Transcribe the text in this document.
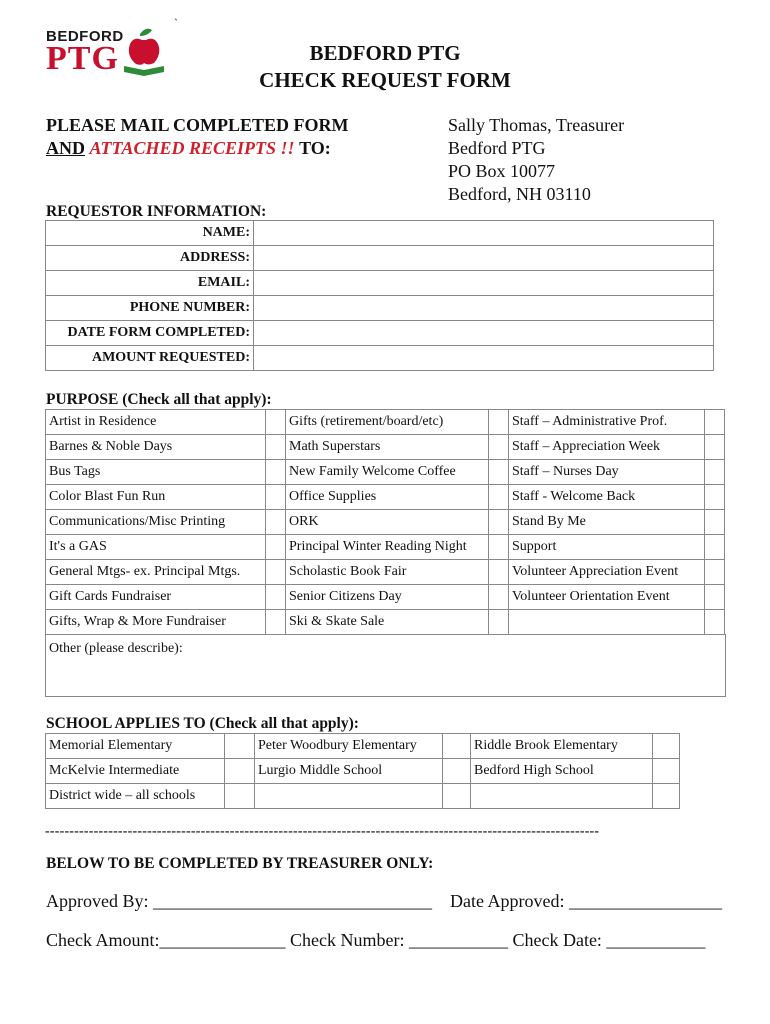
BEDFORD
PTG
`
BEDFORD PTG
CHECK REQUEST FORM
PLEASE MAIL COMPLETED FORM
AND ATTACHED RECEIPTS !! TO:
Sally Thomas, Treasurer
Bedford PTG
PO Box 10077
Bedford, NH 03110
REQUESTOR INFORMATION:
NAME:	
ADDRESS:	
EMAIL:	
PHONE NUMBER:	
DATE FORM COMPLETED:	
AMOUNT REQUESTED:	
PURPOSE (Check all that apply):
Artist in Residence		Gifts (retirement/board/etc)		Staff – Administrative Prof.	
Barnes & Noble Days		Math Superstars		Staff – Appreciation Week	
Bus Tags		New Family Welcome Coffee		Staff – Nurses Day	
Color Blast Fun Run		Office Supplies		Staff - Welcome Back	
Communications/Misc Printing		ORK		Stand By Me	
It's a GAS		Principal Winter Reading Night		Support	
General Mtgs- ex. Principal Mtgs.		Scholastic Book Fair		Volunteer Appreciation Event	
Gift Cards Fundraiser		Senior Citizens Day		Volunteer Orientation Event	
Gifts, Wrap & More Fundraiser		Ski & Skate Sale			
Other (please describe):
SCHOOL APPLIES TO (Check all that apply):
Memorial Elementary		Peter Woodbury Elementary		Riddle Brook Elementary	
McKelvie Intermediate		Lurgio Middle School		Bedford High School	
District wide – all schools					
------------------------------------------------------------------------------------------------------------------
BELOW TO BE COMPLETED BY TREASURER ONLY:
Approved By: _______________________________ Date Approved: _________________
Check Amount:______________ Check Number: ___________ Check Date: ___________
